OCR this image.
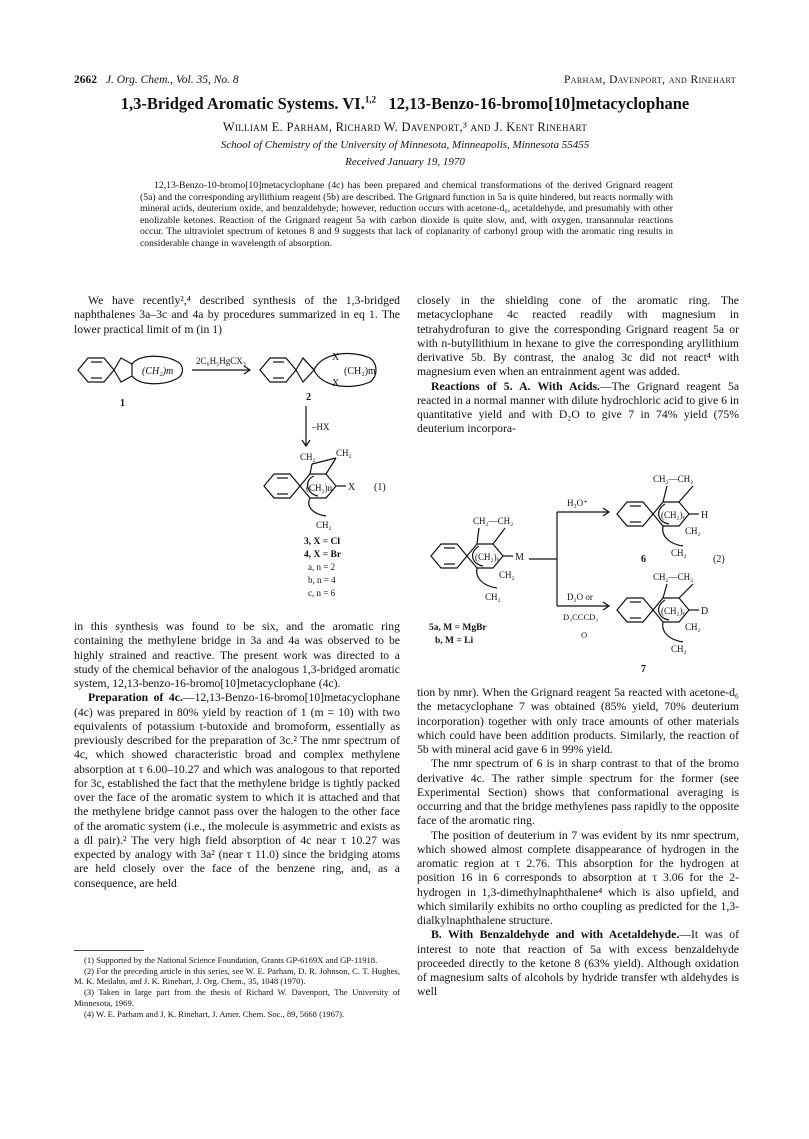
2662 J. Org. Chem., Vol. 35, No. 8	Parham, Davenport, and Rinehart
1,3-Bridged Aromatic Systems. VI.$^{1,2}$ 12,13-Benzo-16-bromo[10]metacyclophane
William E. Parham, Richard W. Davenport,³ and J. Kent Rinehart
School of Chemistry of the University of Minnesota, Minneapolis, Minnesota 55455
Received January 19, 1970
12,13-Benzo-10-bromo[10]metacyclophane (4c) has been prepared and chemical transformations of the derived Grignard reagent (5a) and the corresponding aryllithium reagent (5b) are described. The Grignard function in 5a is quite hindered, but reacts normally with mineral acids, deuterium oxide, and benzaldehyde; however, reduction occurs with acetone-d₆, acetaldehyde, and presumably with other enolizable ketones. Reaction of the Grignard reagent 5a with carbon dioxide is quite slow, and, with oxygen, transannular reactions occur. The ultraviolet spectrum of ketones 8 and 9 suggests that lack of coplanarity of carbonyl group with the aromatic ring results in considerable change in wavelength of absorption.

We have recently²,⁴ described synthesis of the 1,3-bridged naphthalenes 3a–3c and 4a by procedures summarized in eq 1. The lower practical limit of m (in 1)

(CH₂)m
2C₆H₅HgCX₃	X
X
(CH₂)m
1
2
–HX
CH₂ CH₂
(CH₂)n X
CH₂
(1)
3, X = Cl
4, X = Br
a, n = 2
b, n = 4
c, n = 6

in this synthesis was found to be six, and the aromatic ring containing the methylene bridge in 3a and 4a was observed to be highly strained and reactive. The present work was directed to a study of the chemical behavior of the analogous 1,3-bridged aromatic system, 12,13-benzo-16-bromo[10]metacyclophane (4c).

Preparation of 4c.—12,13-Benzo-16-bromo[10]metacyclophane (4c) was prepared in 80% yield by reaction of 1 (m = 10) with two equivalents of potassium t-butoxide and bromoform, essentially as previously described for the preparation of 3c.² The nmr spectrum of 4c, which showed characteristic broad and complex methylene absorption at τ 6.00–10.27 and which was analogous to that reported for 3c, established the fact that the methylene bridge is tightly packed over the face of the aromatic system to which it is attached and that the methylene bridge cannot pass over the halogen to the other face of the aromatic system (i.e., the molecule is asymmetric and exists as a dl pair).² The very high field absorption of 4c near τ 10.27 was expected by analogy with 3a² (near τ 11.0) since the bridging atoms are held closely over the face of the benzene ring, and, as a consequence, are held

(1) Supported by the National Science Foundation, Grants GP-6169X and GP-11918.

(2) For the preceding article in this series, see W. E. Parham, D. R. Johnson, C. T. Hughes, M. K. Meilahn, and J. K. Rinehart, J. Org. Chem., 35, 1048 (1970).

(3) Taken in large part from the thesis of Richard W. Davenport, The University of Minnesota, 1969.

(4) W. E. Parham and J. K. Rinehart, J. Amer. Chem. Soc., 89, 5668 (1967).

closely in the shielding cone of the aromatic ring. The metacyclophane 4c reacted readily with magnesium in tetrahydrofuran to give the corresponding Grignard reagent 5a or with n-butyllithium in hexane to give the corresponding aryllithium derivative 5b. By contrast, the analog 3c did not react⁴ with magnesium even when an entrainment agent was added.

Reactions of 5. A. With Acids.—The Grignard reagent 5a reacted in a normal manner with dilute hydrochloric acid to give 6 in quantitative yield and with D₂O to give 7 in 74% yield (75% deuterium incorpora-

CH₂—CH₂
(CH₂)₆ M
CH₂
CH₂
5a, M = MgBr
b, M = Li
H₃O⁺
D₂O or
D₃CCCD₃
O
CH₂—CH₂
H
(CH₂)₆
CH₂
CH₂
6	(2)
CH₂—CH₂
D
(CH₂)₆
CH₂
CH₂
7

tion by nmr). When the Grignard reagent 5a reacted with acetone-d₆ the metacyclophane 7 was obtained (85% yield, 70% deuterium incorporation) together with only trace amounts of other materials which could have been addition products. Similarly, the reaction of 5b with mineral acid gave 6 in 99% yield.

The nmr spectrum of 6 is in sharp contrast to that of the bromo derivative 4c. The rather simple spectrum for the former (see Experimental Section) shows that conformational averaging is occurring and that the bridge methylenes pass rapidly to the opposite face of the aromatic ring.

The position of deuterium in 7 was evident by its nmr spectrum, which showed almost complete disappearance of hydrogen in the aromatic region at τ 2.76. This absorption for the hydrogen at position 16 in 6 corresponds to absorption at τ 3.06 for the 2-hydrogen in 1,3-dimethylnaphthalene⁴ which is also upfield, and which similarily exhibits no ortho coupling as predicted for the 1,3-dialkylnaphthalene structure.

B. With Benzaldehyde and with Acetaldehyde.—It was of interest to note that reaction of 5a with excess benzaldehyde proceeded directly to the ketone 8 (63% yield). Although oxidation of magnesium salts of alcohols by hydride transfer wth aldehydes is well
